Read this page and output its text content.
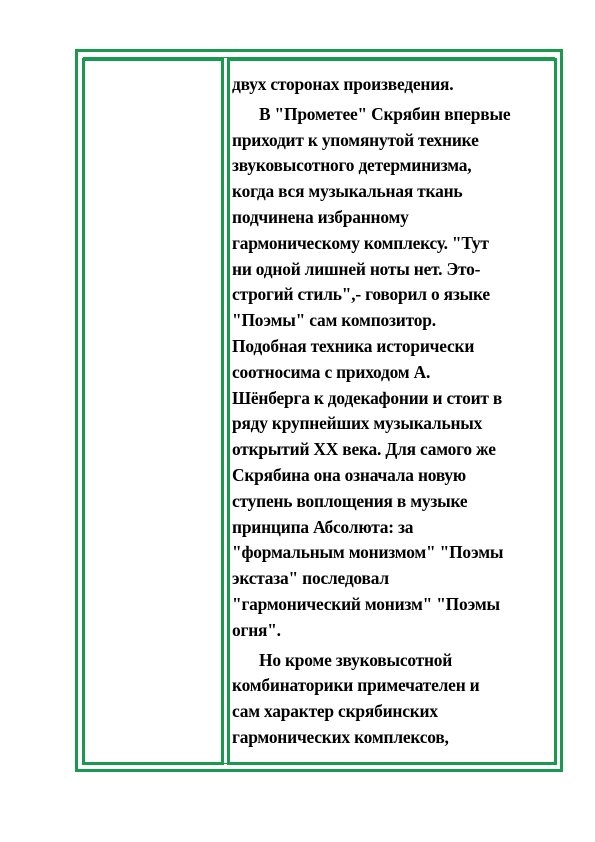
двух сторонах произведения.
В "Прометее" Скрябин впервые
приходит к упомянутой технике
звуковысотного детерминизма,
когда вся музыкальная ткань
подчинена избранному
гармоническому комплексу. "Тут
ни одной лишней ноты нет. Это-
строгий стиль",- говорил о языке
"Поэмы" сам композитор.
Подобная техника исторически
соотносима с приходом А.
Шёнберга к додекафонии и стоит в
ряду крупнейших музыкальных
открытий XX века. Для самого же
Скрябина она означала новую
ступень воплощения в музыке
принципа Абсолюта: за
"формальным монизмом" "Поэмы
экстаза" последовал
"гармонический монизм" "Поэмы
огня".
Но кроме звуковысотной
комбинаторики примечателен и
сам характер скрябинских
гармонических комплексов,
